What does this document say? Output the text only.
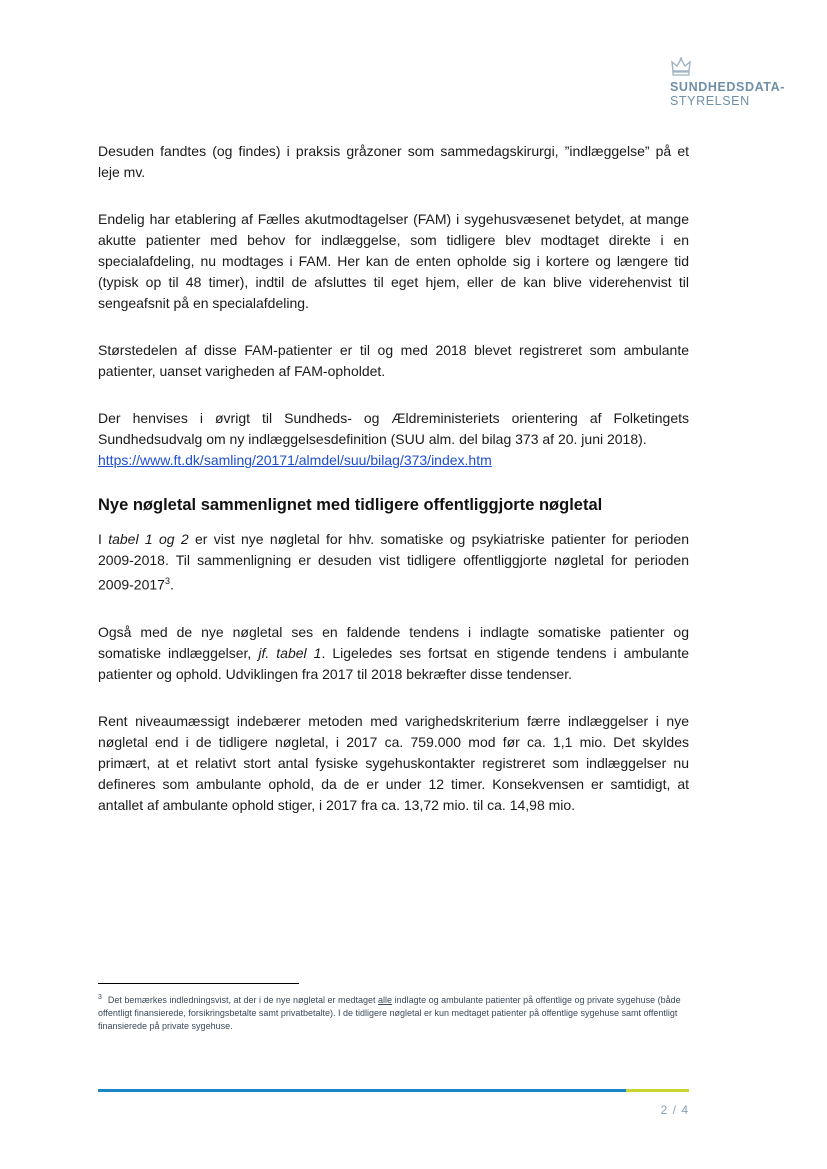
SUNDHEDSDATA-
STYRELSEN

Desuden fandtes (og findes) i praksis gråzoner som sammedagskirurgi, ”indlæggelse” på et leje mv.

Endelig har etablering af Fælles akutmodtagelser (FAM) i sygehusvæsenet betydet, at mange akutte patienter med behov for indlæggelse, som tidligere blev modtaget direkte i en specialafdeling, nu modtages i FAM. Her kan de enten opholde sig i kortere og længere tid (typisk op til 48 timer), indtil de afsluttes til eget hjem, eller de kan blive viderehenvist til sengeafsnit på en specialafdeling.

Størstedelen af disse FAM-patienter er til og med 2018 blevet registreret som ambulante patienter, uanset varigheden af FAM-opholdet.

Der henvises i øvrigt til Sundheds- og Ældreministeriets orientering af Folketingets Sundhedsudvalg om ny indlæggelsesdefinition (SUU alm. del bilag 373 af 20. juni 2018).
https://www.ft.dk/samling/20171/almdel/suu/bilag/373/index.htm

Nye nøgletal sammenlignet med tidligere offentliggjorte nøgletal

I tabel 1 og 2 er vist nye nøgletal for hhv. somatiske og psykiatriske patienter for perioden 2009-2018. Til sammenligning er desuden vist tidligere offentliggjorte nøgletal for perioden 2009-2017$^3$.

Også med de nye nøgletal ses en faldende tendens i indlagte somatiske patienter og somatiske indlæggelser, jf. tabel 1. Ligeledes ses fortsat en stigende tendens i ambulante patienter og ophold. Udviklingen fra 2017 til 2018 bekræfter disse tendenser.

Rent niveaumæssigt indebærer metoden med varighedskriterium færre indlæggelser i nye nøgletal end i de tidligere nøgletal, i 2017 ca. 759.000 mod før ca. 1,1 mio. Det skyldes primært, at et relativt stort antal fysiske sygehuskontakter registreret som indlæggelser nu defineres som ambulante ophold, da de er under 12 timer. Konsekvensen er samtidigt, at antallet af ambulante ophold stiger, i 2017 fra ca. 13,72 mio. til ca. 14,98 mio.

$^3$ Det bemærkes indledningsvist, at der i de nye nøgletal er medtaget alle indlagte og ambulante patienter på offentlige og private sygehuse (både offentligt finansierede, forsikringsbetalte samt privatbetalte). I de tidligere nøgletal er kun medtaget patienter på offentlige sygehuse samt offentligt finansierede på private sygehuse.
2 / 4
